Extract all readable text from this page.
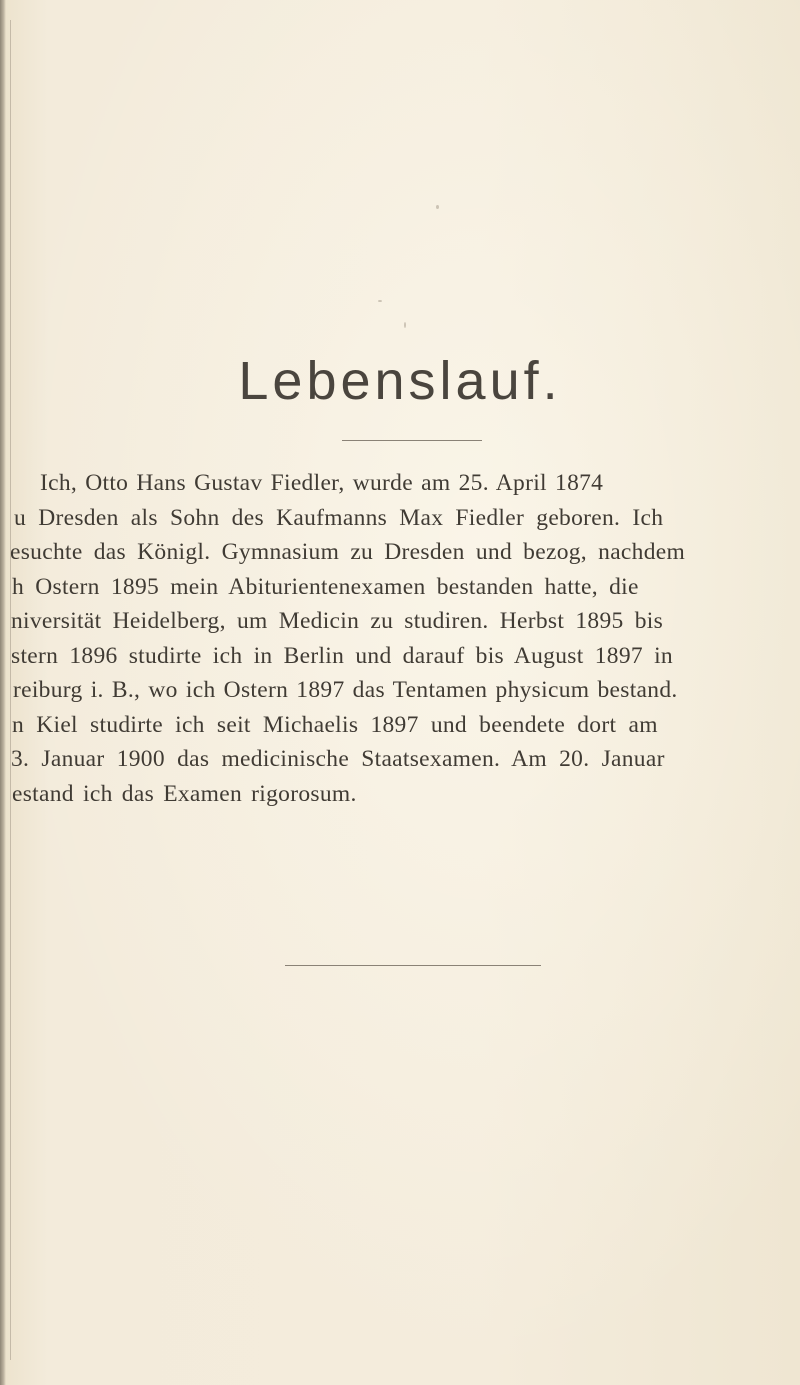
Lebenslauf.
Ich, Otto Hans Gustav Fiedler, wurde am 25. April 1874
u Dresden als Sohn des Kaufmanns Max Fiedler geboren. Ich
esuchte das Königl. Gymnasium zu Dresden und bezog, nachdem
h Ostern 1895 mein Abiturientenexamen bestanden hatte, die
niversität Heidelberg, um Medicin zu studiren. Herbst 1895 bis
stern 1896 studirte ich in Berlin und darauf bis August 1897 in
reiburg i. B., wo ich Ostern 1897 das Tentamen physicum bestand.
n Kiel studirte ich seit Michaelis 1897 und beendete dort am
3. Januar 1900 das medicinische Staatsexamen. Am 20. Januar
estand ich das Examen rigorosum.
